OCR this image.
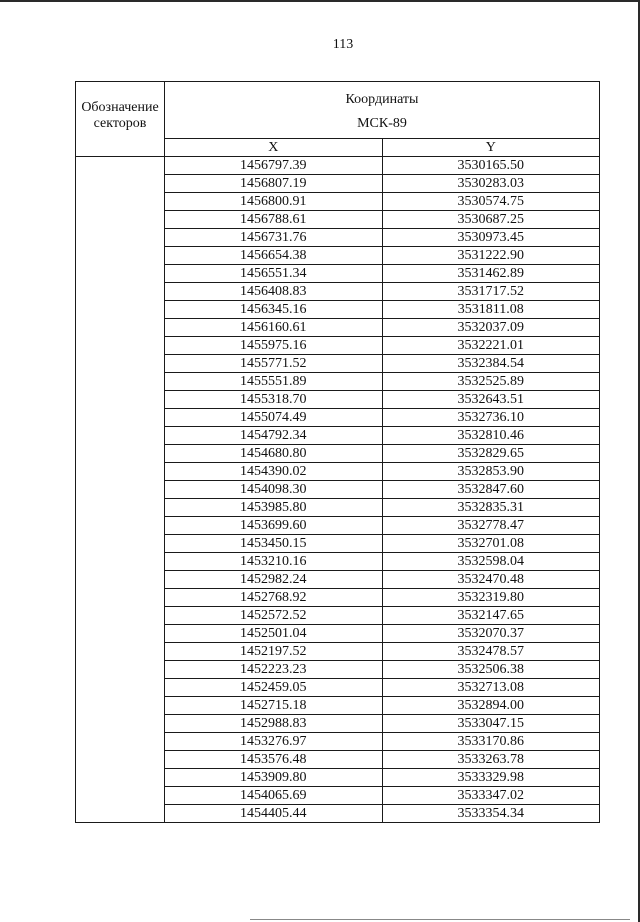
113
Обозначение секторов	Координаты
МСК-89	

	X	Y
	1456797.39	3530165.50
	1456807.19	3530283.03
	1456800.91	3530574.75
	1456788.61	3530687.25
	1456731.76	3530973.45
	1456654.38	3531222.90
	1456551.34	3531462.89
	1456408.83	3531717.52
	1456345.16	3531811.08
	1456160.61	3532037.09
	1455975.16	3532221.01
	1455771.52	3532384.54
	1455551.89	3532525.89
	1455318.70	3532643.51
	1455074.49	3532736.10
	1454792.34	3532810.46
	1454680.80	3532829.65
	1454390.02	3532853.90
	1454098.30	3532847.60
	1453985.80	3532835.31
	1453699.60	3532778.47
	1453450.15	3532701.08
	1453210.16	3532598.04
	1452982.24	3532470.48
	1452768.92	3532319.80
	1452572.52	3532147.65
	1452501.04	3532070.37
	1452197.52	3532478.57
	1452223.23	3532506.38
	1452459.05	3532713.08
	1452715.18	3532894.00
	1452988.83	3533047.15
	1453276.97	3533170.86
	1453576.48	3533263.78
	1453909.80	3533329.98
	1454065.69	3533347.02
	1454405.44	3533354.34
